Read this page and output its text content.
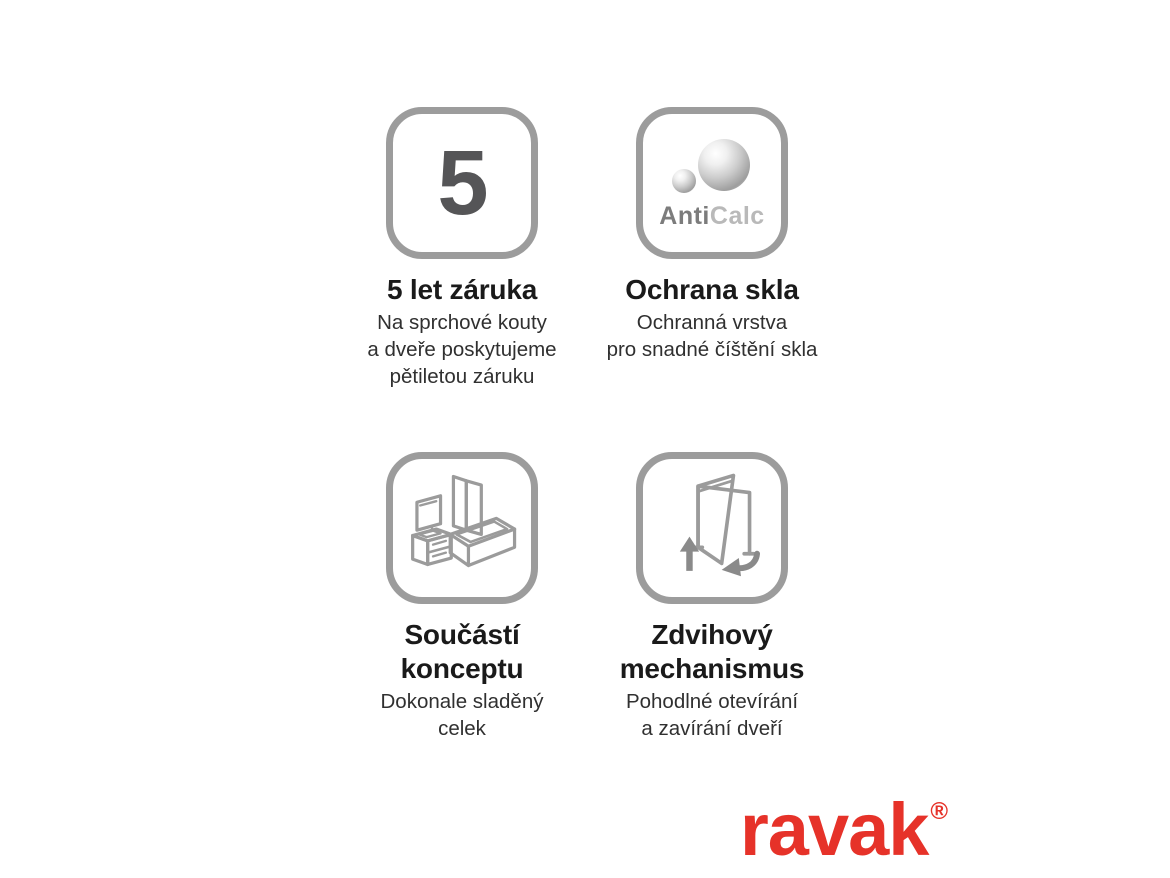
5
5 let záruka
Na sprchové kouty
a dveře poskytujeme
pětiletou záruku
AntiCalc
Ochrana skla
Ochranná vrstva
pro snadné číštění skla
Součástí
konceptu
Dokonale sladěný
celek
Zdvihový
mechanismus
Pohodlné otevírání
a zavírání dveří
ravak ®
